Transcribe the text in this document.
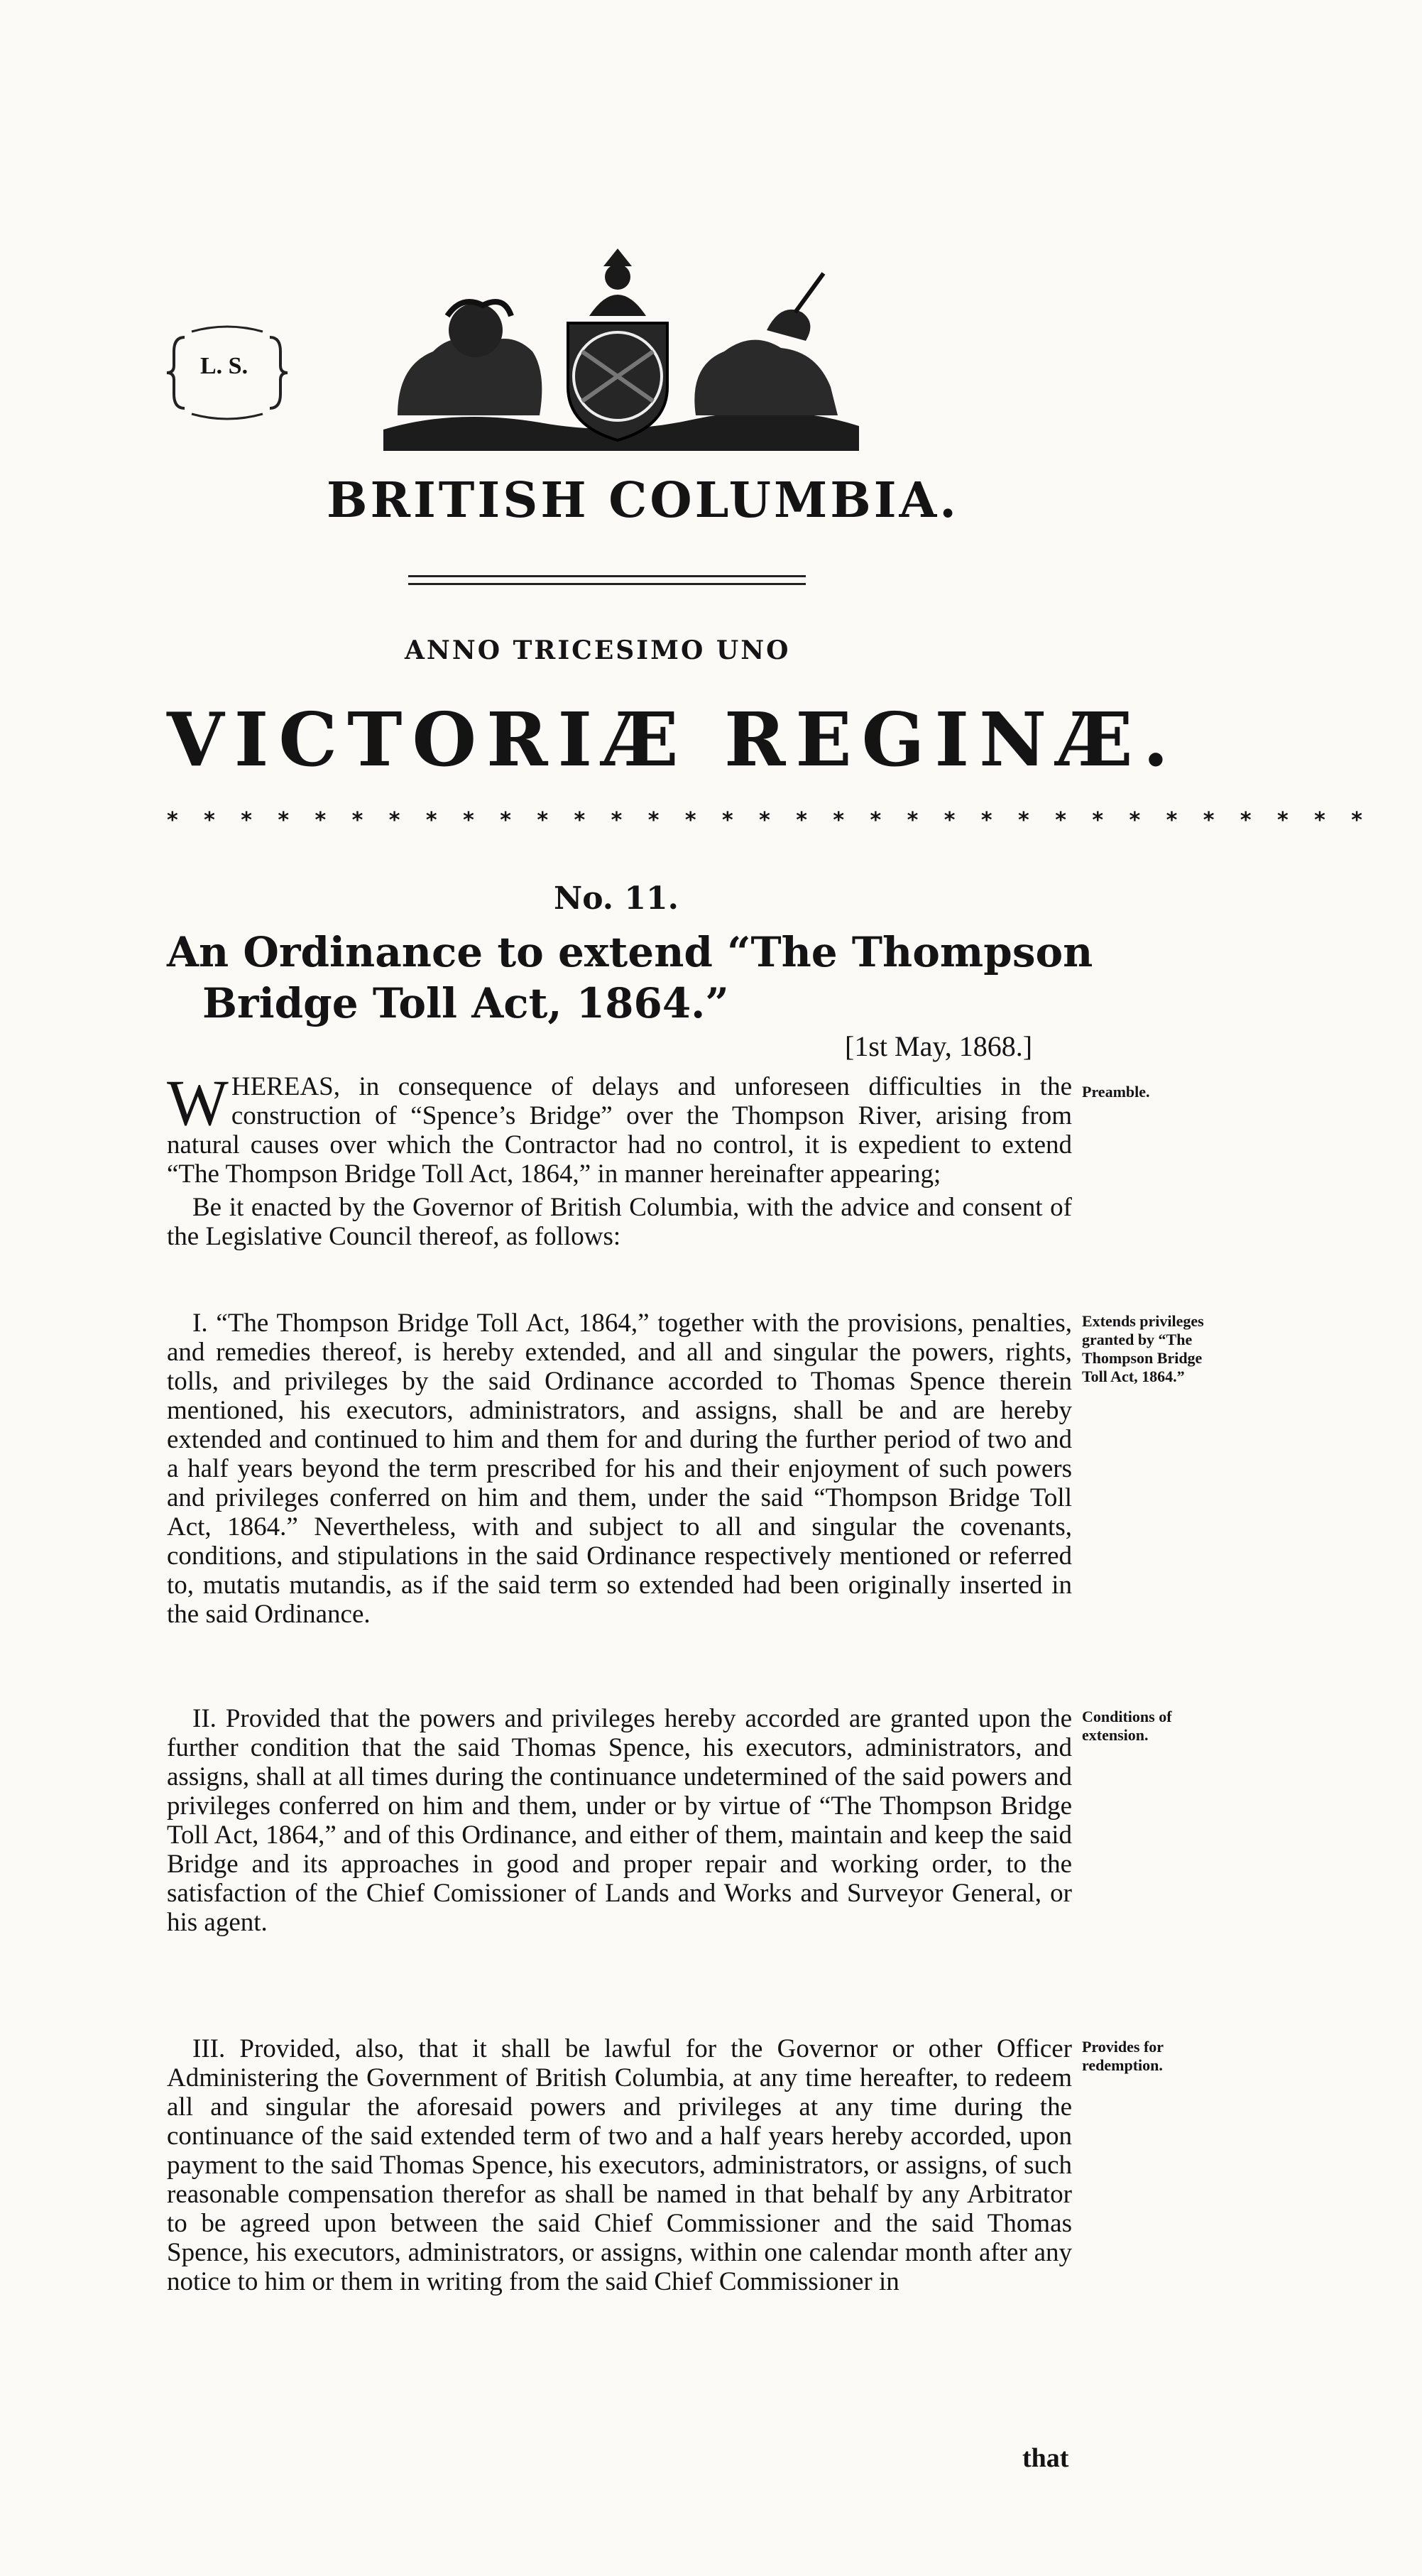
L. S.
BRITISH COLUMBIA.
ANNO TRICESIMO UNO
VICTORIÆ REGINÆ.
* * * * * * * * * * * * * * * * * * * * * * * * * * * * * * * * *
No. 11.
An Ordinance to extend “The Thompson
Bridge Toll Act, 1864.”
[1st May, 1868.]

WHEREAS, in consequence of delays and unforeseen difficulties in the construction of “Spence’s Bridge” over the Thompson River, arising from natural causes over which the Contractor had no control, it is expedient to extend “The Thompson Bridge Toll Act, 1864,” in manner hereinafter appearing;

Be it enacted by the Governor of British Columbia, with the advice and consent of the Legislative Council thereof, as follows:

Preamble.

I. “The Thompson Bridge Toll Act, 1864,” together with the provisions, penalties, and remedies thereof, is hereby extended, and all and singular the powers, rights, tolls, and privileges by the said Ordinance accorded to Thomas Spence therein mentioned, his executors, administrators, and assigns, shall be and are hereby extended and continued to him and them for and during the further period of two and a half years beyond the term prescribed for his and their enjoyment of such powers and privileges conferred on him and them, under the said “Thompson Bridge Toll Act, 1864.” Nevertheless, with and subject to all and singular the covenants, conditions, and stipulations in the said Ordinance respectively mentioned or referred to, mutatis mutandis, as if the said term so extended had been originally inserted in the said Ordinance.

Extends privileges granted by “The Thompson Bridge Toll Act, 1864.”

II. Provided that the powers and privileges hereby accorded are granted upon the further condition that the said Thomas Spence, his executors, administrators, and assigns, shall at all times during the continuance undetermined of the said powers and privileges conferred on him and them, under or by virtue of “The Thompson Bridge Toll Act, 1864,” and of this Ordinance, and either of them, maintain and keep the said Bridge and its approaches in good and proper repair and working order, to the satisfaction of the Chief Comissioner of Lands and Works and Surveyor General, or his agent.

Conditions of extension.

III. Provided, also, that it shall be lawful for the Governor or other Officer Administering the Government of British Columbia, at any time hereafter, to redeem all and singular the aforesaid powers and privileges at any time during the continuance of the said extended term of two and a half years hereby accorded, upon payment to the said Thomas Spence, his executors, administrators, or assigns, of such reasonable compensation therefor as shall be named in that behalf by any Arbitrator to be agreed upon between the said Chief Commissioner and the said Thomas Spence, his executors, administrators, or assigns, within one calendar month after any notice to him or them in writing from the said Chief Commissioner in

Provides for redemption.
that
